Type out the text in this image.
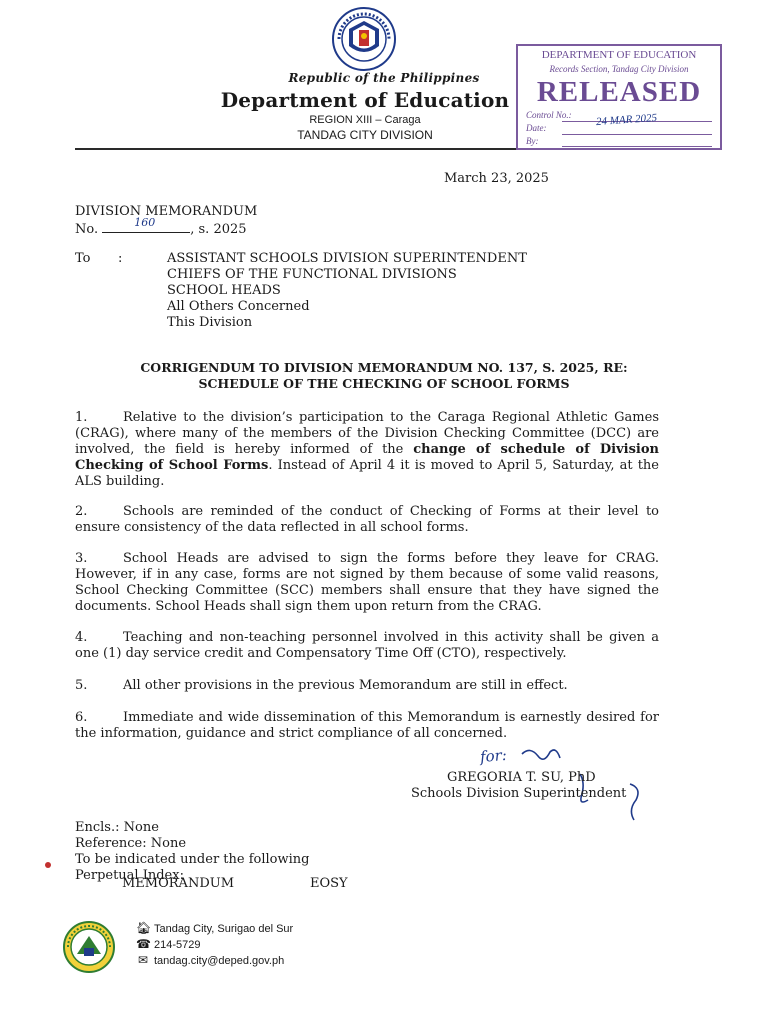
Republic of the Philippines
Department of Education
REGION XIII – Caraga
TANDAG CITY DIVISION
DEPARTMENT OF EDUCATION
Records Section, Tandag City Division
RELEASED
Control No.:
Date:
By:
24 MAR 2025
March 23, 2025
DIVISION MEMORANDUM
No.	160	, s. 2025
To :	ASSISTANT SCHOOLS DIVISION SUPERINTENDENT
CHIEFS OF THE FUNCTIONAL DIVISIONS
SCHOOL HEADS
All Others Concerned
This Division
CORRIGENDUM TO DIVISION MEMORANDUM NO. 137, S. 2025, RE:
SCHEDULE OF THE CHECKING OF SCHOOL FORMS
1.	Relative to the division’s participation to the Caraga Regional Athletic Games (CRAG), where many of the members of the Division Checking Committee (DCC) are involved, the field is hereby informed of the change of schedule of Division Checking of School Forms. Instead of April 4 it is moved to April 5, Saturday, at the ALS building.
2.	Schools are reminded of the conduct of Checking of Forms at their level to ensure consistency of the data reflected in all school forms.
3.	School Heads are advised to sign the forms before they leave for CRAG. However, if in any case, forms are not signed by them because of some valid reasons, School Checking Committee (SCC) members shall ensure that they have signed the documents. School Heads shall sign them upon return from the CRAG.
4.	Teaching and non-teaching personnel involved in this activity shall be given a one (1) day service credit and Compensatory Time Off (CTO), respectively.
5.	All other provisions in the previous Memorandum are still in effect.
6.	Immediate and wide dissemination of this Memorandum is earnestly desired for the information, guidance and strict compliance of all concerned.
for:
GREGORIA T. SU, PhD
Schools Division Superintendent
Encls.: None
Reference: None
To be indicated under the following
Perpetual Index:
MEMORANDUM	EOSY
🏠︎ Tandag City, Surigao del Sur
☎ 214-5729
✉ tandag.city@deped.gov.ph
